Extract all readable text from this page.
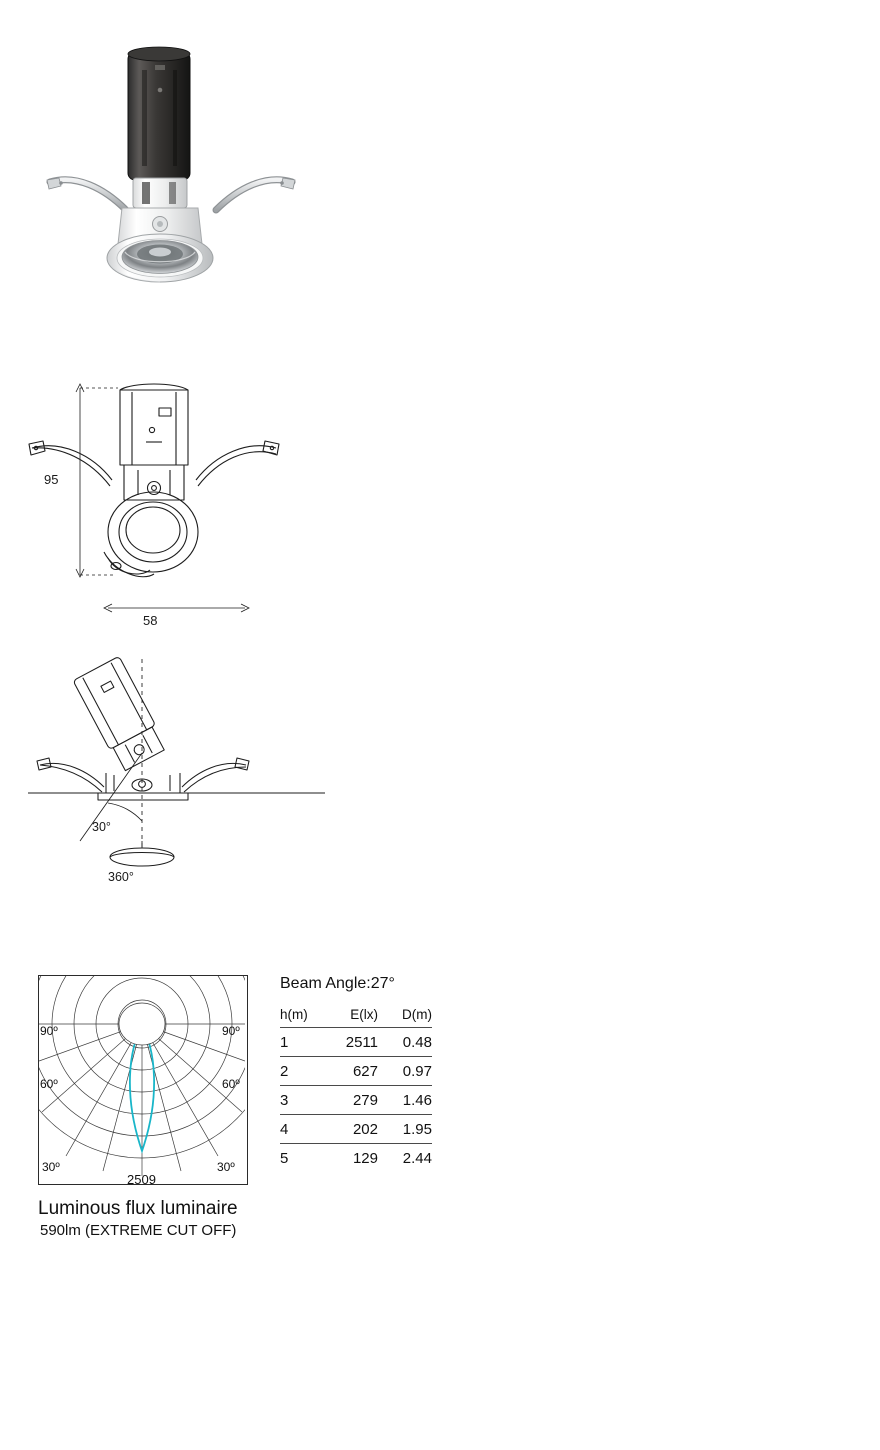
95
58
30°
360°
90º	90º
60º	60º
30º	30º
2509
Luminous flux luminaire
590lm (EXTREME CUT OFF)
Beam Angle:27°
h(m)	E(lx)	D(m)
1	2511	0.48
2	627	0.97
3	279	1.46
4	202	1.95
5	129	2.44
